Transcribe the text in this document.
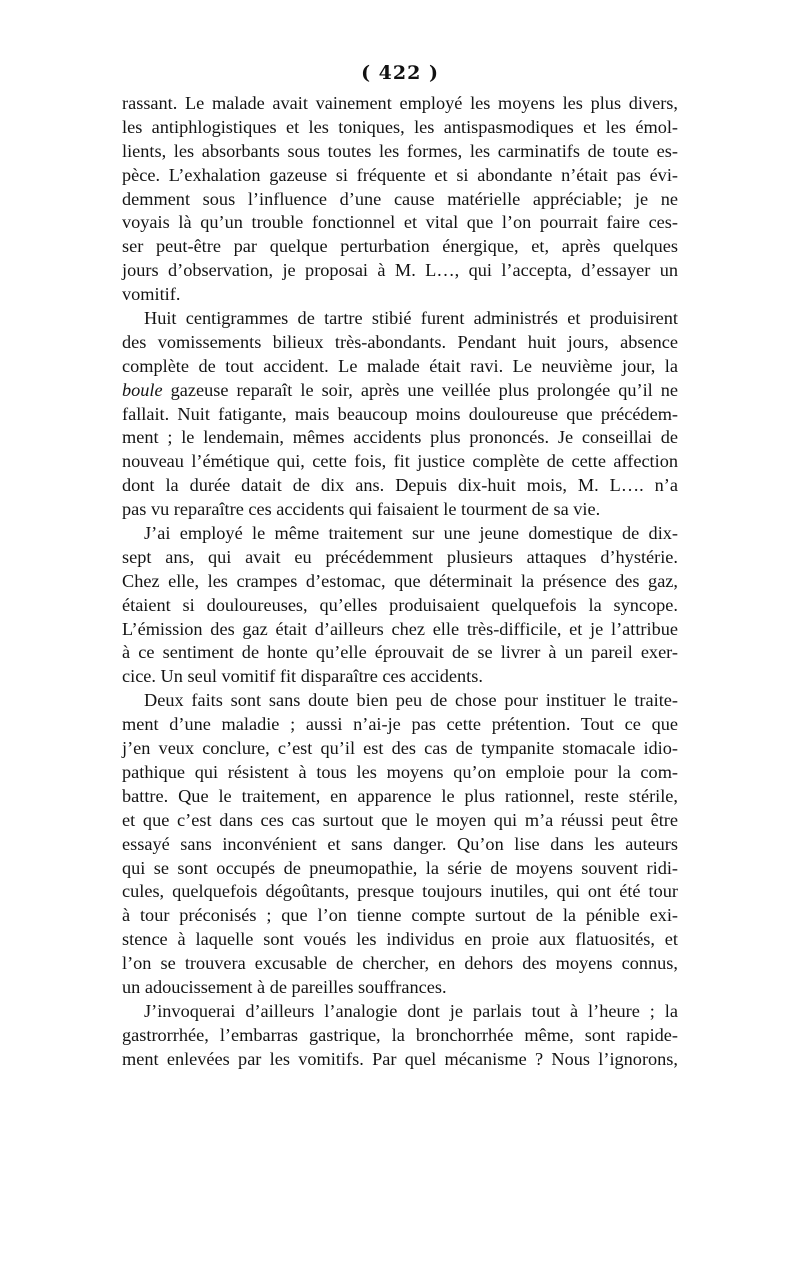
( 422 )
rassant. Le malade avait vainement employé les moyens les plus divers,
les antiphlogistiques et les toniques, les antispasmodiques et les émol-
lients, les absorbants sous toutes les formes, les carminatifs de toute es-
pèce. L’exhalation gazeuse si fréquente et si abondante n’était pas évi-
demment sous l’influence d’une cause matérielle appréciable; je ne
voyais là qu’un trouble fonctionnel et vital que l’on pourrait faire ces-
ser peut-être par quelque perturbation énergique, et, après quelques
jours d’observation, je proposai à M. L…, qui l’accepta, d’essayer un
vomitif.
Huit centigrammes de tartre stibié furent administrés et produisirent
des vomissements bilieux très-abondants. Pendant huit jours, absence
complète de tout accident. Le malade était ravi. Le neuvième jour, la
boule gazeuse reparaît le soir, après une veillée plus prolongée qu’il ne
fallait. Nuit fatigante, mais beaucoup moins douloureuse que précédem-
ment ; le lendemain, mêmes accidents plus prononcés. Je conseillai de
nouveau l’émétique qui, cette fois, fit justice complète de cette affection
dont la durée datait de dix ans. Depuis dix-huit mois, M. L…. n’a
pas vu reparaître ces accidents qui faisaient le tourment de sa vie.
J’ai employé le même traitement sur une jeune domestique de dix-
sept ans, qui avait eu précédemment plusieurs attaques d’hystérie.
Chez elle, les crampes d’estomac, que déterminait la présence des gaz,
étaient si douloureuses, qu’elles produisaient quelquefois la syncope.
L’émission des gaz était d’ailleurs chez elle très-difficile, et je l’attribue
à ce sentiment de honte qu’elle éprouvait de se livrer à un pareil exer-
cice. Un seul vomitif fit disparaître ces accidents.
Deux faits sont sans doute bien peu de chose pour instituer le traite-
ment d’une maladie ; aussi n’ai-je pas cette prétention. Tout ce que
j’en veux conclure, c’est qu’il est des cas de tympanite stomacale idio-
pathique qui résistent à tous les moyens qu’on emploie pour la com-
battre. Que le traitement, en apparence le plus rationnel, reste stérile,
et que c’est dans ces cas surtout que le moyen qui m’a réussi peut être
essayé sans inconvénient et sans danger. Qu’on lise dans les auteurs
qui se sont occupés de pneumopathie, la série de moyens souvent ridi-
cules, quelquefois dégoûtants, presque toujours inutiles, qui ont été tour
à tour préconisés ; que l’on tienne compte surtout de la pénible exi-
stence à laquelle sont voués les individus en proie aux flatuosités, et
l’on se trouvera excusable de chercher, en dehors des moyens connus,
un adoucissement à de pareilles souffrances.
J’invoquerai d’ailleurs l’analogie dont je parlais tout à l’heure ; la
gastrorrhée, l’embarras gastrique, la bronchorrhée même, sont rapide-
ment enlevées par les vomitifs. Par quel mécanisme ? Nous l’ignorons,
